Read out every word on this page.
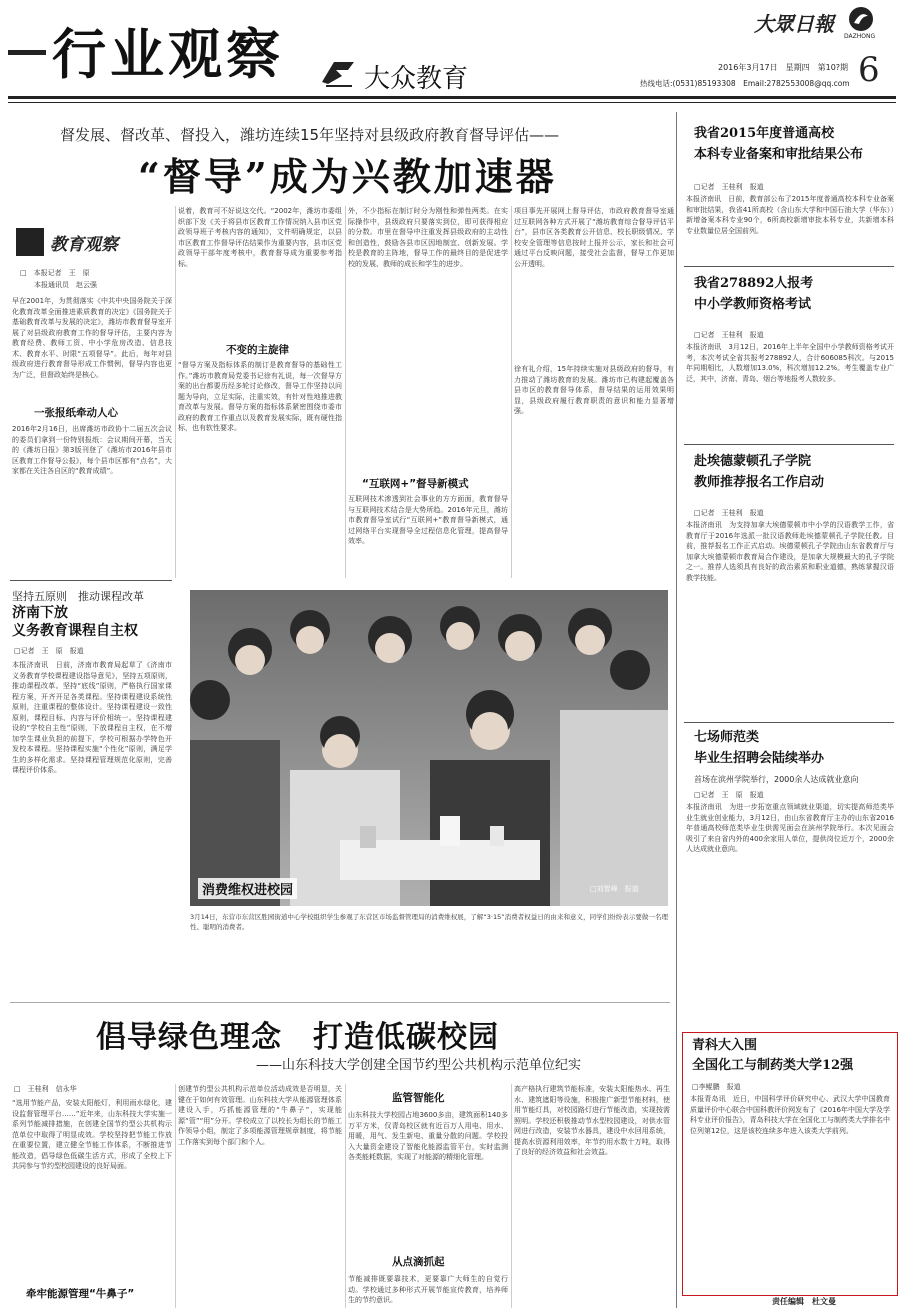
行业观察	大众教育
大眾日報
DAZHONG
2016年3月17日　星期四　第10?期
热线电话:(0531)85193308　Email:2782553008@qq.com 6
督发展、督改革、督投入，潍坊连续15年坚持对县级政府教育督导评估——
“督导”成为兴教加速器
教育观察
□　本报记者　王　原
　　本报通讯员　赵云强
早在2001年，为贯彻落实《中共中央国务院关于深化教育改革全面推进素质教育的决定》《国务院关于基础教育改革与发展的决定》，潍坊市教育督导室开展了对县级政府教育工作的督导评估，主要内容为教育经费、教师工资、中小学危房改造、信息技术、教育水平、时限“五项督导”。此后，每年对县级政府进行教育督导形成工作惯例，督导内容也更为广泛，但督政始终是核心。
一张报纸牵动人心
2016年2月16日，出席潍坊市政协十二届五次会议的委员们拿到一份特别报纸：会议期间开幕，当天的《潍坊日报》第3版刊登了《潍坊市2016年县市区教育工作督导公报》，每个县市区都有“点名”，大家都在关注各自区的“教育成绩”。
说着，教育可不好说这交代。“2002年，潍坊市委组织部下发《关于将县市区教育工作情况纳入县市区党政领导班子考核内容的通知》，文件明确规定，以县市区教育工作督导评估结果作为重要内容，县市区党政领导干部年度考核中，教育督导成为重要参考指标。
不变的主旋律
“督导方案及指标体系的制订是教育督导的基础性工作。”潍坊市教育局党委书记徐有礼说，每一次督导方案的出台都要历经多轮讨论修改，督导工作坚持以问题为导向，立足实际，注重实效，有针对性地推进教育改革与发展。督导方案的指标体系紧密围绕市委市政府的教育工作重点以及教育发展实际，既有硬性指标，也有软性要求。
外，不少指标在制订时分为刚性和弹性两类。在实际操作中，县级政府只要落实到位，即可获得相应的分数。市里在督导中注重发挥县级政府的主动性和创造性，鼓励各县市区因地制宜、创新发展。学校是教育的主阵地，督导工作的最终目的是促进学校的发展、教师的成长和学生的进步。
“互联网+”督导新模式
互联网技术渗透到社会事业的方方面面，教育督导与互联网技术结合是大势所趋。2016年元旦，潍坊市教育督导室试行“互联网+”教育督导新模式，通过网络平台实现督导全过程信息化管理，提高督导效率。
项目事先开展网上督导评估，市政府教育督导室通过互联网各种方式开展了“潍坊教育综合督导评估平台”，县市区各类教育公开信息、校长职级情况、学校安全管理等信息按时上报并公示，家长和社会可通过平台反映问题，接受社会监督，督导工作更加公开透明。
徐有礼介绍，15年持续实施对县级政府的督导，有力推动了潍坊教育的发展。潍坊市已构建起覆盖各县市区的教育督导体系，督导结果的运用效果明显，县级政府履行教育职责的意识和能力显著增强。
坚持五原则　推动课程改革
济南下放
义务教育课程自主权
□记者　王　原　报道
本报济南讯　日前，济南市教育局起草了《济南市义务教育学校课程建设指导意见》，坚持五项原则，推动课程改革。坚持“底线”原则，严格执行国家课程方案，开齐开足各类课程。坚持课程建设系统性原则，注重课程的整体设计。坚持课程建设一致性原则，课程目标、内容与评价相统一。坚持课程建设的“学校自主性”原则，下放课程自主权，在不增加学生课业负担的前提下，学校可根据办学特色开发校本课程。坚持课程实施“个性化”原则，满足学生的多样化需求。坚持课程管理规范化原则，完善课程评价体系。
消费维权进校园	□刘智峰　报道
3月14日，东营市东营区胜园街道中心学校组织学生参观了东营区市场监督管理局的消费维权展，了解“3·15”消费者权益日的由来和意义，同学们纷纷表示要做一名理性、聪明的消费者。
倡导绿色理念　打造低碳校园
——山东科技大学创建全国节约型公共机构示范单位纪实
□　王桂利　信永华
“选用节能产品，安装太阳能灯，利用雨水绿化，建设监督管理平台……”近年来，山东科技大学实施一系列节能减排措施，在创建全国节约型公共机构示范单位中取得了明显成效。学校坚持把节能工作放在重要位置，建立健全节能工作体系，不断推进节能改造，倡导绿色低碳生活方式，形成了全校上下共同参与节约型校园建设的良好局面。
牵牢能源管理“牛鼻子”
创建节约型公共机构示范单位活动成效是否明显，关键在于如何有效管理。山东科技大学从能源管理体系建设入手，巧抓能源管理的“牛鼻子”，实现能源“管”“用”分开。学校成立了以校长为组长的节能工作领导小组，制定了多项能源管理规章制度，将节能工作落实到每个部门和个人。
监管智能化
山东科技大学校园占地3600多亩，建筑面积140多万平方米，仅青岛校区就有近百万人用电、用水、用暖，用气、发生新电、重量分散的问题。学校投入大量资金建设了智能化能源监管平台，实时监测各类能耗数据，实现了对能源的精细化管理。
从点滴抓起
节能减排既要靠技术，更要靠广大师生的自觉行动。学校通过多种形式开展节能宣传教育，培养师生的节约意识。
高产格执行建筑节能标准，安装太阳能热水、再生水、建筑遮阳等设施，积极推广新型节能材料，使用节能灯具，对校园路灯进行节能改造，实现按需照明。学校还积极推动节水型校园建设，对供水管网进行改造，安装节水器具，建设中水回用系统，提高水资源利用效率，年节约用水数十万吨，取得了良好的经济效益和社会效益。
我省2015年度普通高校
本科专业备案和审批结果公布
□记者　王桂利　报道
本报济南讯　日前，教育部公布了2015年度普通高校本科专业备案和审批结果，我省41所高校（含山东大学和中国石油大学（华东））新增备案本科专业90个，6所高校新增审批本科专业，共新增本科专业数量位居全国前列。
我省278892人报考
中小学教师资格考试
□记者　王桂利　报道
本报济南讯　3月12日，2016年上半年全国中小学教师资格考试开考，本次考试全省共报考278892人，合计606085科次。与2015年同期相比，人数增加13.0%，科次增加12.2%。考生覆盖专业广泛，其中，济南、青岛、烟台等地报考人数较多。
赴埃德蒙顿孔子学院
教师推荐报名工作启动
□记者　王桂利　报道
本报济南讯　为支持加拿大埃德蒙顿市中小学的汉语教学工作，省教育厅于2016年选派一批汉语教师赴埃德蒙顿孔子学院任教。目前，推荐报名工作正式启动。埃德蒙顿孔子学院由山东省教育厅与加拿大埃德蒙顿市教育局合作建设，是加拿大规模最大的孔子学院之一。推荐人选须具有良好的政治素质和职业道德，熟练掌握汉语教学技能。
七场师范类
毕业生招聘会陆续举办
首场在滨州学院举行，2000余人达成就业意向
□记者　王　原　报道
本报济南讯　为进一步拓宽重点领域就业渠道，切实提高师范类毕业生就业创业能力，3月12日，由山东省教育厅主办的山东省2016年普通高校师范类毕业生供需见面会在滨州学院举行。本次见面会吸引了来自省内外的400余家用人单位，提供岗位近万个，2000余人达成就业意向。
青科大入围
全国化工与制药类大学12强
□李鲲鹏　报道
本报青岛讯　近日，中国科学评价研究中心、武汉大学中国教育质量评价中心联合中国科教评价网发布了《2016年中国大学及学科专业评价报告》，青岛科技大学在全国化工与制药类大学排名中位列第12位，这是该校连续多年进入该类大学前列。
责任编辑　杜文曼
